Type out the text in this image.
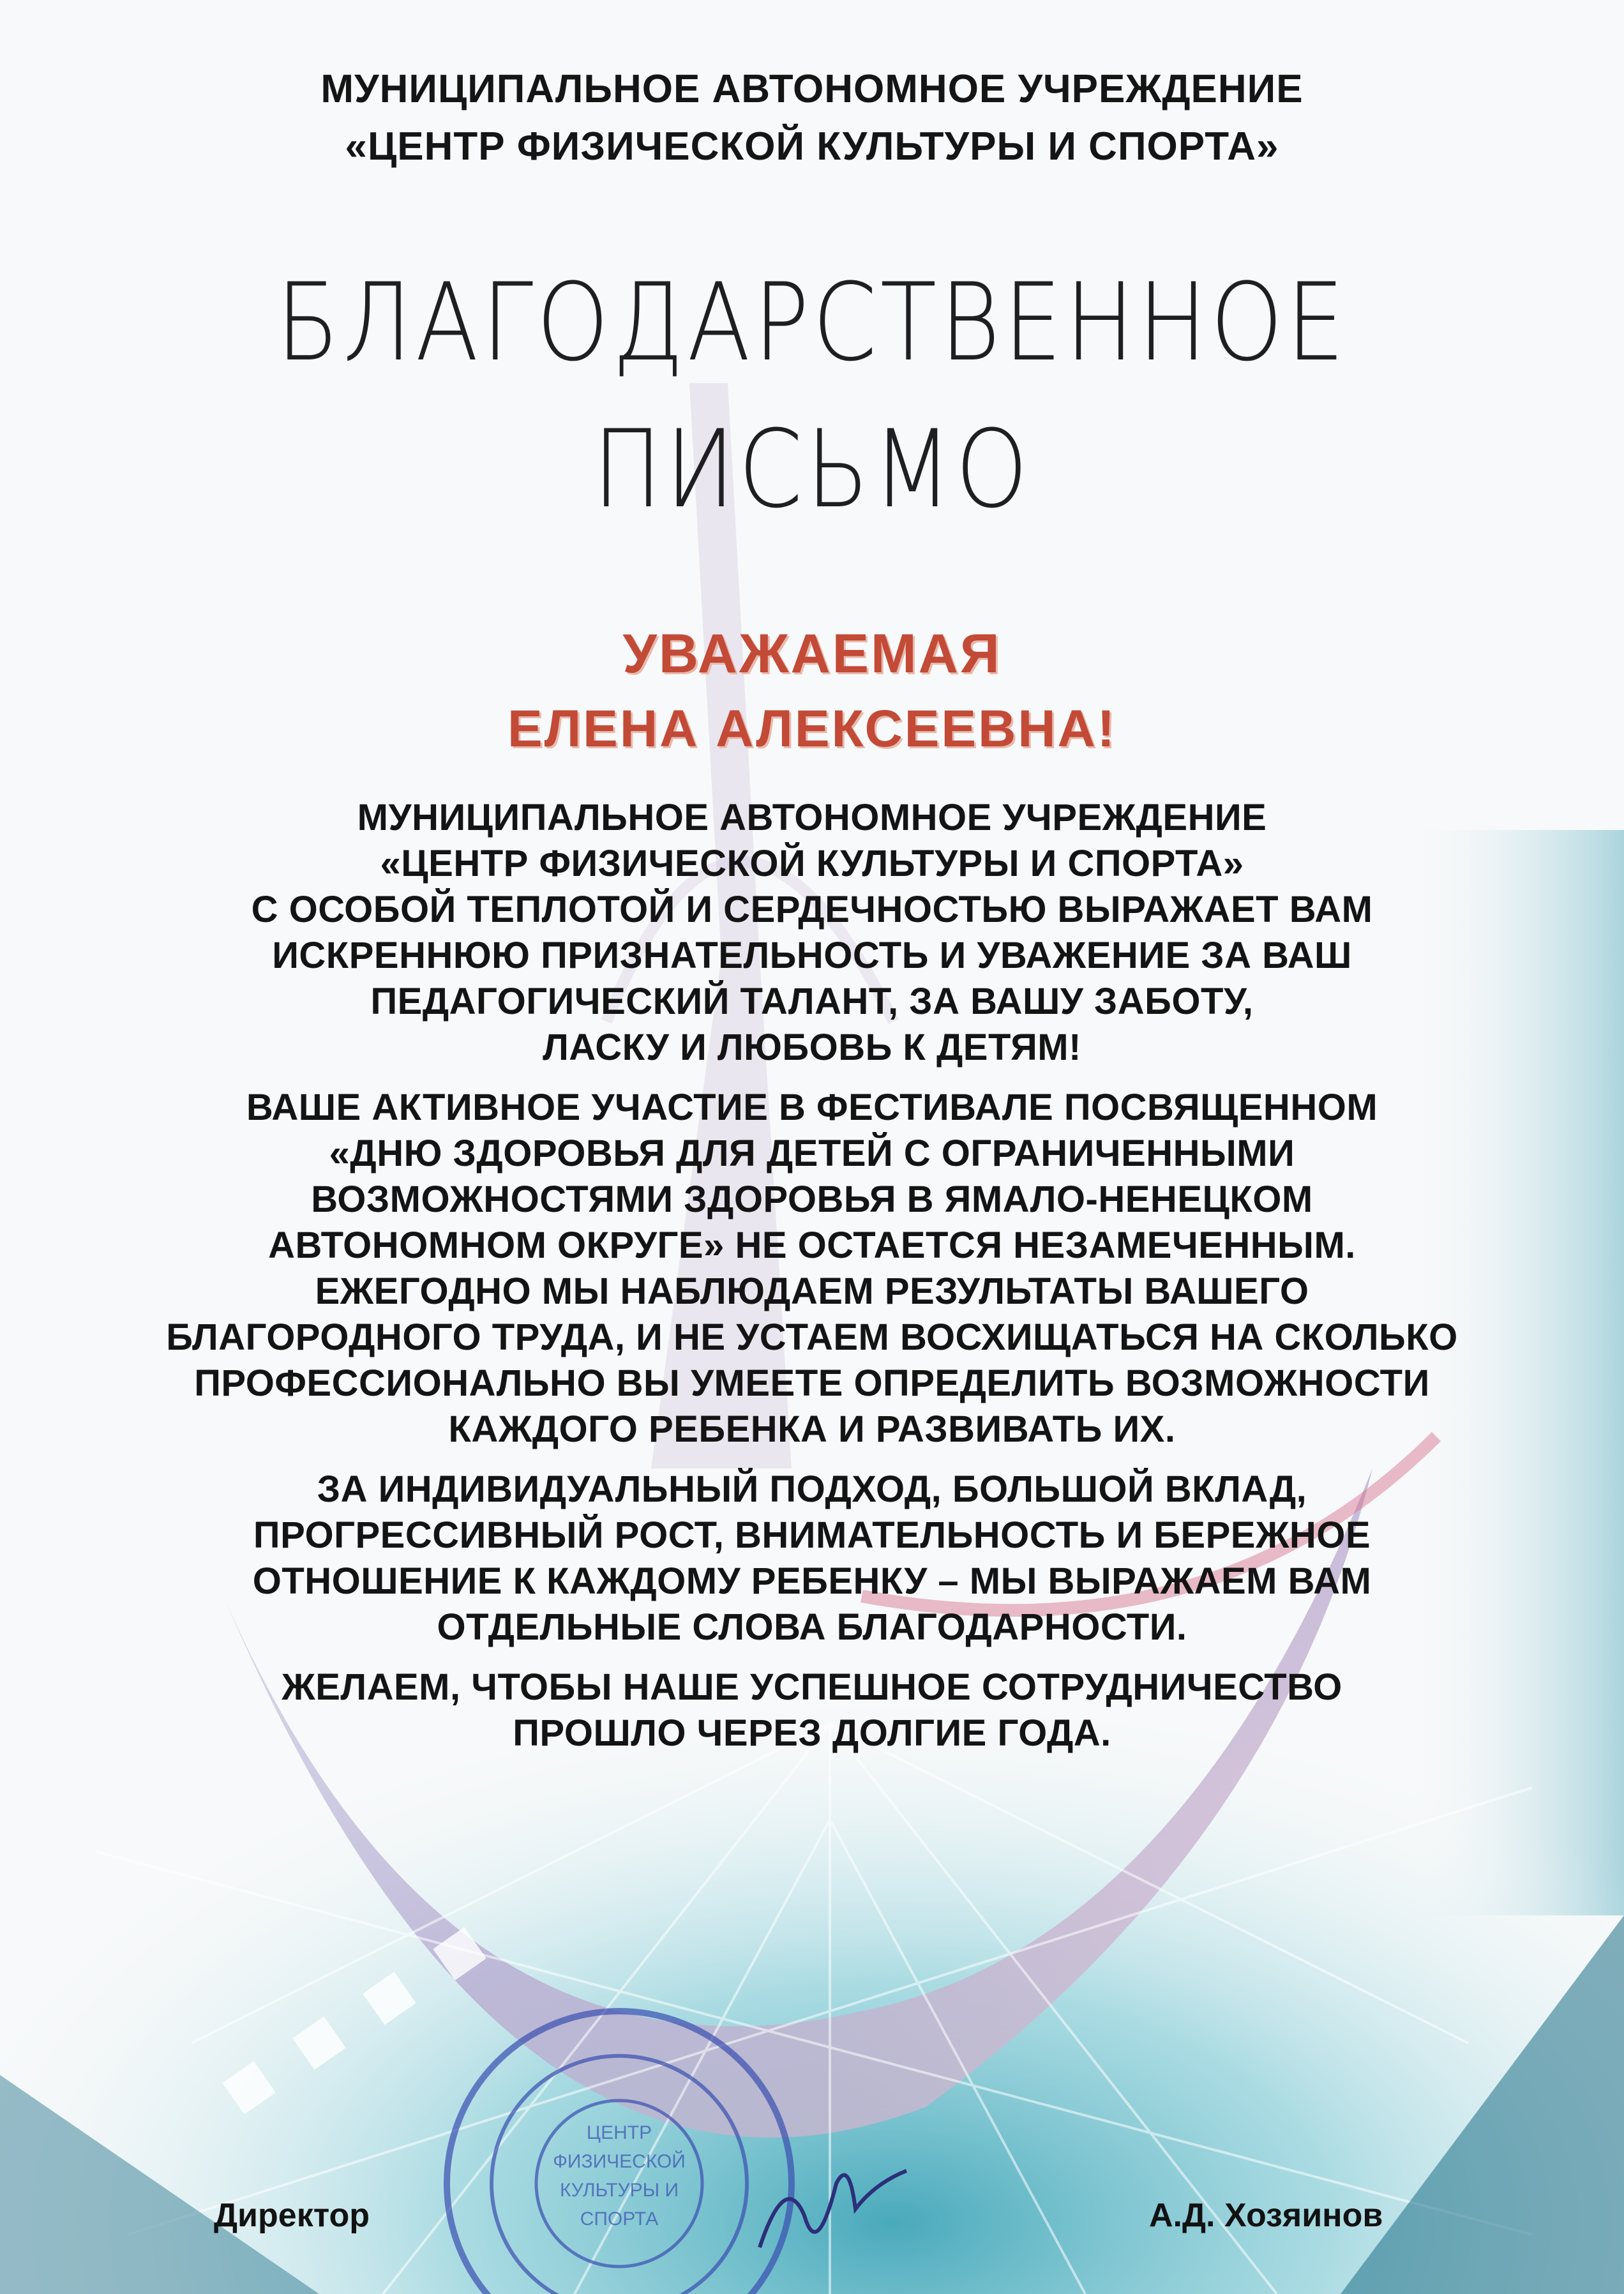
ЦЕНТР
ФИЗИЧЕСКОЙ
КУЛЬТУРЫ И
СПОРТА
МУНИЦИПАЛЬНОЕ АВТОНОМНОЕ УЧРЕЖДЕНИЕ
«ЦЕНТР ФИЗИЧЕСКОЙ КУЛЬТУРЫ И СПОРТА»
БЛАГОДАРСТВЕННОЕ
ПИСЬМО
УВАЖАЕМАЯ
ЕЛЕНА АЛЕКСЕЕВНА!
МУНИЦИПАЛЬНОЕ АВТОНОМНОЕ УЧРЕЖДЕНИЕ
«ЦЕНТР ФИЗИЧЕСКОЙ КУЛЬТУРЫ И СПОРТА»
С ОСОБОЙ ТЕПЛОТОЙ И СЕРДЕЧНОСТЬЮ ВЫРАЖАЕТ ВАМ
ИСКРЕННЮЮ ПРИЗНАТЕЛЬНОСТЬ И УВАЖЕНИЕ ЗА ВАШ
ПЕДАГОГИЧЕСКИЙ ТАЛАНТ, ЗА ВАШУ ЗАБОТУ,
ЛАСКУ И ЛЮБОВЬ К ДЕТЯМ!
ВАШЕ АКТИВНОЕ УЧАСТИЕ В ФЕСТИВАЛЕ ПОСВЯЩЕННОМ
«ДНЮ ЗДОРОВЬЯ ДЛЯ ДЕТЕЙ С ОГРАНИЧЕННЫМИ
ВОЗМОЖНОСТЯМИ ЗДОРОВЬЯ В ЯМАЛО-НЕНЕЦКОМ
АВТОНОМНОМ ОКРУГЕ» НЕ ОСТАЕТСЯ НЕЗАМЕЧЕННЫМ.
ЕЖЕГОДНО МЫ НАБЛЮДАЕМ РЕЗУЛЬТАТЫ ВАШЕГО
БЛАГОРОДНОГО ТРУДА, И НЕ УСТАЕМ ВОСХИЩАТЬСЯ НА СКОЛЬКО
ПРОФЕССИОНАЛЬНО ВЫ УМЕЕТЕ ОПРЕДЕЛИТЬ ВОЗМОЖНОСТИ
КАЖДОГО РЕБЕНКА И РАЗВИВАТЬ ИХ.
ЗА ИНДИВИДУАЛЬНЫЙ ПОДХОД, БОЛЬШОЙ ВКЛАД,
ПРОГРЕССИВНЫЙ РОСТ, ВНИМАТЕЛЬНОСТЬ И БЕРЕЖНОЕ
ОТНОШЕНИЕ К КАЖДОМУ РЕБЕНКУ – МЫ ВЫРАЖАЕМ ВАМ
ОТДЕЛЬНЫЕ СЛОВА БЛАГОДАРНОСТИ.
ЖЕЛАЕМ, ЧТОБЫ НАШЕ УСПЕШНОЕ СОТРУДНИЧЕСТВО
ПРОШЛО ЧЕРЕЗ ДОЛГИЕ ГОДА.
Директор	А.Д. Хозяинов
